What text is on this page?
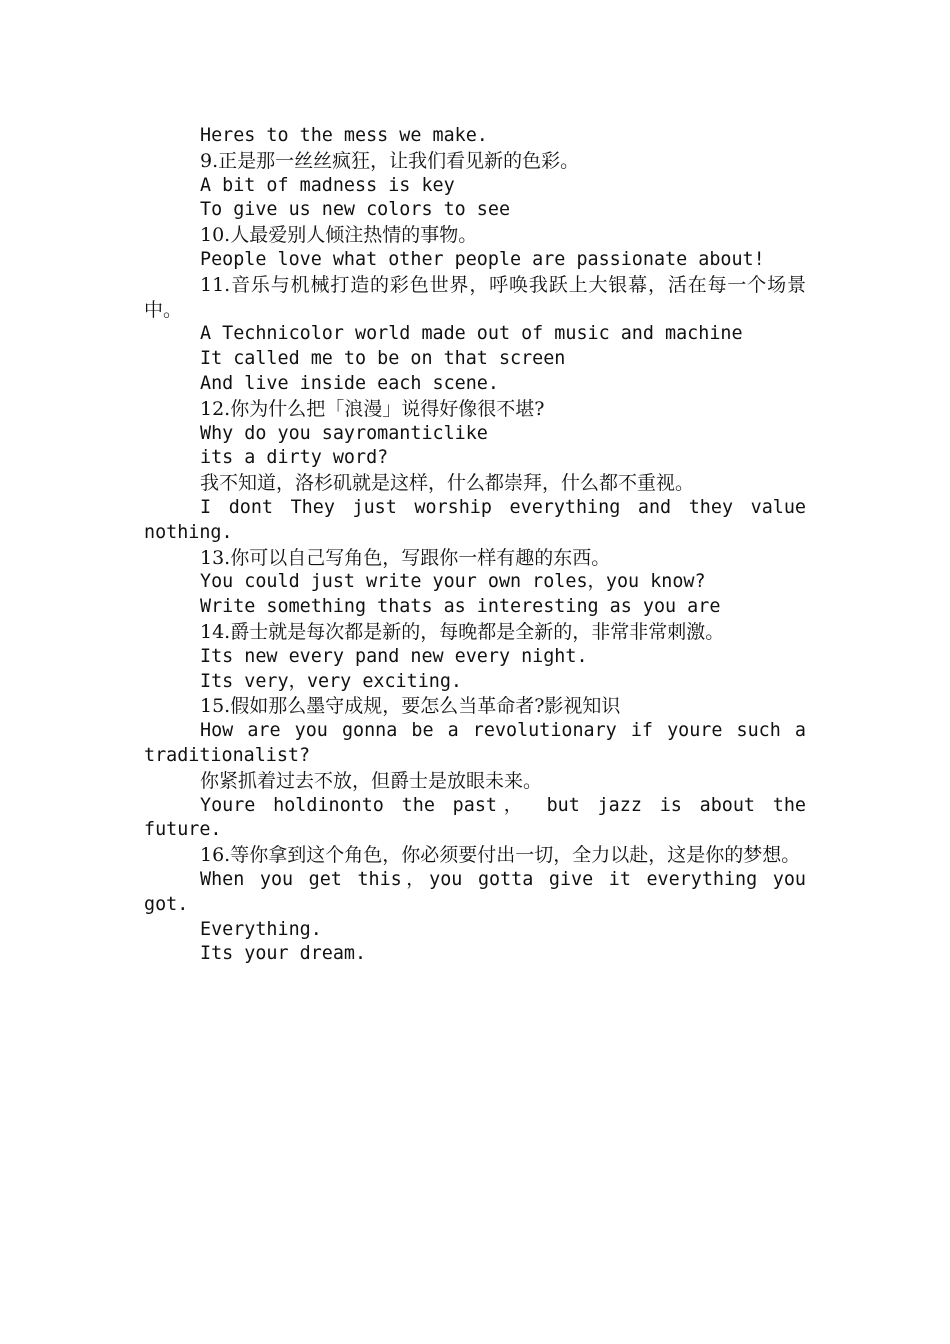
Heres to the mess we make.

9.正是那一丝丝疯狂，让我们看见新的色彩。

A bit of madness is key

To give us new colors to see

10.人最爱别人倾注热情的事物。

People love what other people are passionate about!

11.音乐与机械打造的彩色世界，呼唤我跃上大银幕，活在每一个场景中。

A Technicolor world made out of music and machine

It called me to be on that screen

And live inside each scene.

12.你为什么把「浪漫」说得好像很不堪?

Why do you sayromanticlike

its a dirty word?

我不知道，洛杉矶就是这样，什么都崇拜，什么都不重视。

I dont They just worship everything and they value nothing.

13.你可以自己写角色，写跟你一样有趣的东西。

You could just write your own roles，you know?

Write something thats as interesting as you are

14.爵士就是每次都是新的，每晚都是全新的，非常非常刺激。

Its new every pand new every night.

Its very，very exciting.

15.假如那么墨守成规，要怎么当革命者?影视知识

How are you gonna be a revolutionary if youre such a traditionalist?

你紧抓着过去不放，但爵士是放眼未来。

Youre holdinonto the past， but jazz is about the future.

16.等你拿到这个角色，你必须要付出一切，全力以赴，这是你的梦想。

When you get this，you gotta give it everything you got.

Everything.

Its your dream.
